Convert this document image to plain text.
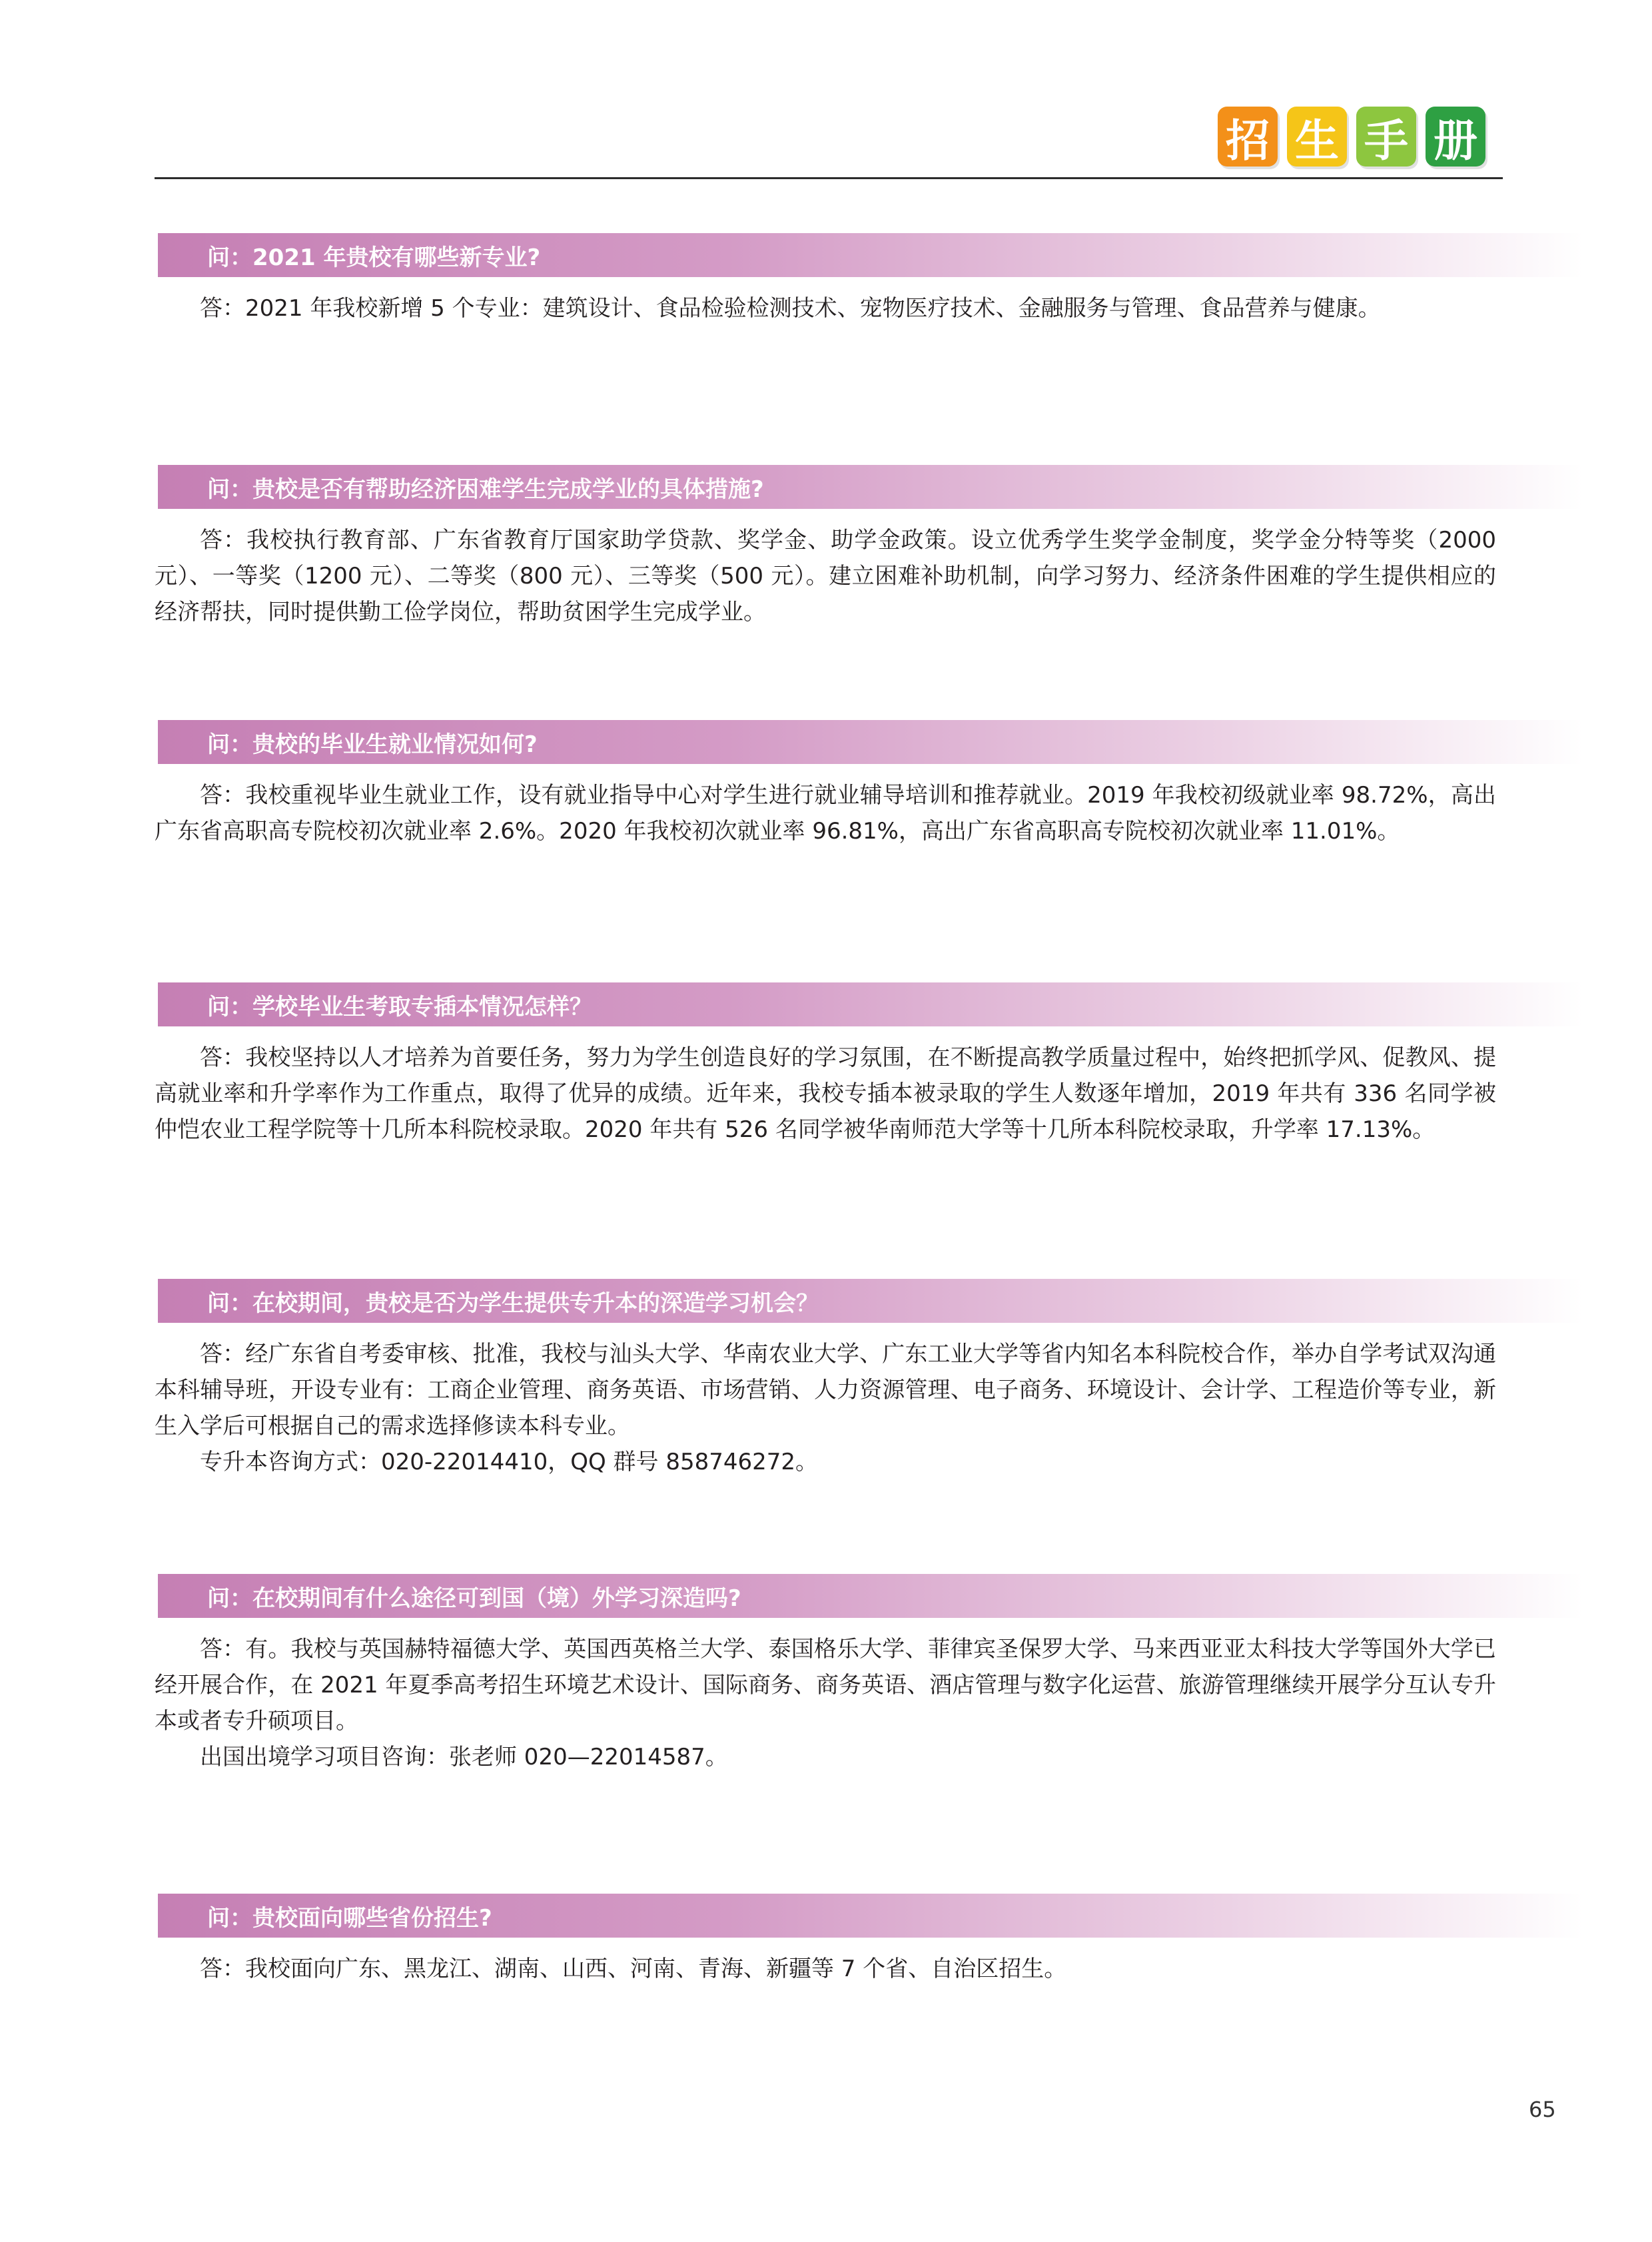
招 生 手 册
问：2021 年贵校有哪些新专业?
答：2021 年我校新增 5 个专业：建筑设计、食品检验检测技术、宠物医疗技术、金融服务与管理、食品营养与健康。
问：贵校是否有帮助经济困难学生完成学业的具体措施?
答：我校执行教育部、广东省教育厅国家助学贷款、奖学金、助学金政策。设立优秀学生奖学金制度，奖学金分特等奖（2000 元）、一等奖（1200 元）、二等奖（800 元）、三等奖（500 元）。建立困难补助机制，向学习努力、经济条件困难的学生提供相应的经济帮扶，同时提供勤工俭学岗位，帮助贫困学生完成学业。
问：贵校的毕业生就业情况如何?
答：我校重视毕业生就业工作，设有就业指导中心对学生进行就业辅导培训和推荐就业。2019 年我校初级就业率 98.72%，高出广东省高职高专院校初次就业率 2.6%。2020 年我校初次就业率 96.81%，高出广东省高职高专院校初次就业率 11.01%。
问：学校毕业生考取专插本情况怎样？
答：我校坚持以人才培养为首要任务，努力为学生创造良好的学习氛围，在不断提高教学质量过程中，始终把抓学风、促教风、提高就业率和升学率作为工作重点，取得了优异的成绩。近年来，我校专插本被录取的学生人数逐年增加，2019 年共有 336 名同学被仲恺农业工程学院等十几所本科院校录取。2020 年共有 526 名同学被华南师范大学等十几所本科院校录取，升学率 17.13%。
问：在校期间，贵校是否为学生提供专升本的深造学习机会？
答：经广东省自考委审核、批准，我校与汕头大学、华南农业大学、广东工业大学等省内知名本科院校合作，举办自学考试双沟通本科辅导班，开设专业有：工商企业管理、商务英语、市场营销、人力资源管理、电子商务、环境设计、会计学、工程造价等专业，新生入学后可根据自己的需求选择修读本科专业。
专升本咨询方式：020-22014410，QQ 群号 858746272。
问：在校期间有什么途径可到国（境）外学习深造吗?
答：有。我校与英国赫特福德大学、英国西英格兰大学、泰国格乐大学、菲律宾圣保罗大学、马来西亚亚太科技大学等国外大学已经开展合作，在 2021 年夏季高考招生环境艺术设计、国际商务、商务英语、酒店管理与数字化运营、旅游管理继续开展学分互认专升本或者专升硕项目。
出国出境学习项目咨询：张老师 020—22014587。
问：贵校面向哪些省份招生?
答：我校面向广东、黑龙江、湖南、山西、河南、青海、新疆等 7 个省、自治区招生。
65
